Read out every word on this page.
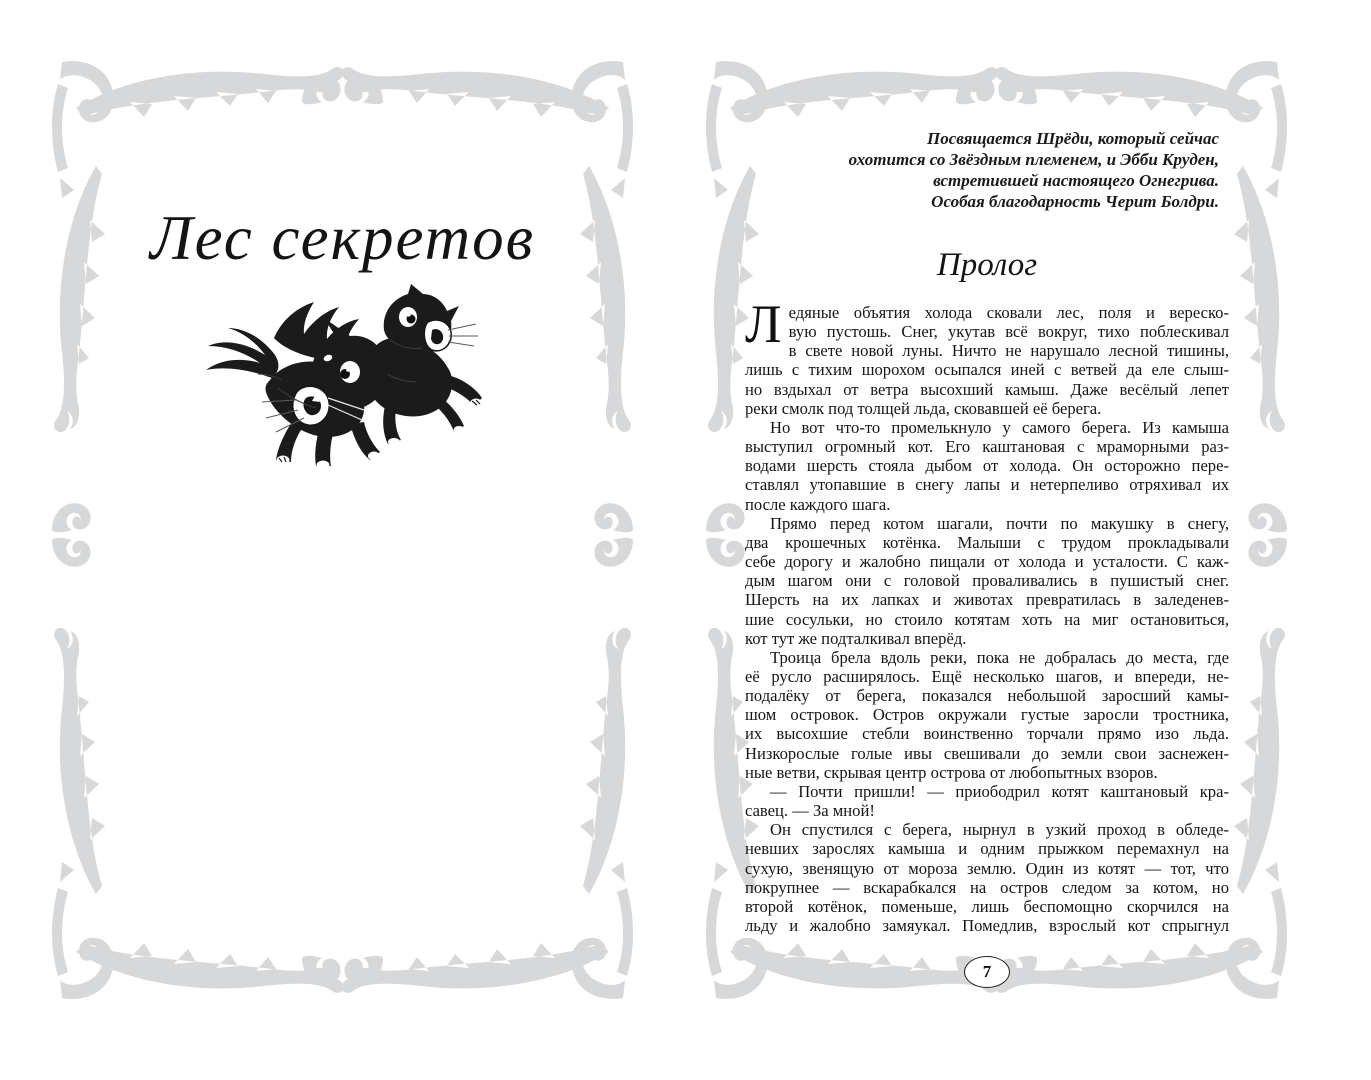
Лес секретов
Посвящается Шрёди, который сейчас
охотится со Звёздным племенем, и Эбби Круден,
встретившей настоящего Огнегрива.
Особая благодарность Черит Болдри.
Пролог
Л едяные объятия холода сковали лес, поля и вереско-
вую пустошь. Снег, укутав всё вокруг, тихо поблескивал
в свете новой луны. Ничто не нарушало лесной тишины,
лишь с тихим шорохом осыпался иней с ветвей да еле слыш-
но вздыхал от ветра высохший камыш. Даже весёлый лепет
реки смолк под толщей льда, сковавшей её берега.
Но вот что-то промелькнуло у самого берега. Из камыша
выступил огромный кот. Его каштановая с мраморными раз-
водами шерсть стояла дыбом от холода. Он осторожно пере-
ставлял утопавшие в снегу лапы и нетерпеливо отряхивал их
после каждого шага.
Прямо перед котом шагали, почти по макушку в снегу,
два крошечных котёнка. Малыши с трудом прокладывали
себе дорогу и жалобно пищали от холода и усталости. С каж-
дым шагом они с головой проваливались в пушистый снег.
Шерсть на их лапках и животах превратилась в заледенев-
шие сосульки, но стоило котятам хоть на миг остановиться,
кот тут же подталкивал вперёд.
Троица брела вдоль реки, пока не добралась до места, где
её русло расширялось. Ещё несколько шагов, и впереди, не-
подалёку от берега, показался небольшой заросший камы-
шом островок. Остров окружали густые заросли тростника,
их высохшие стебли воинственно торчали прямо изо льда.
Низкорослые голые ивы свешивали до земли свои заснежен-
ные ветви, скрывая центр острова от любопытных взоров.
— Почти пришли! — приободрил котят каштановый кра-
савец. — За мной!
Он спустился с берега, нырнул в узкий проход в обледе-
невших зарослях камыша и одним прыжком перемахнул на
сухую, звенящую от мороза землю. Один из котят — тот, что
покрупнее — вскарабкался на остров следом за котом, но
второй котёнок, поменьше, лишь беспомощно скорчился на
льду и жалобно замяукал. Помедлив, взрослый кот спрыгнул
7
